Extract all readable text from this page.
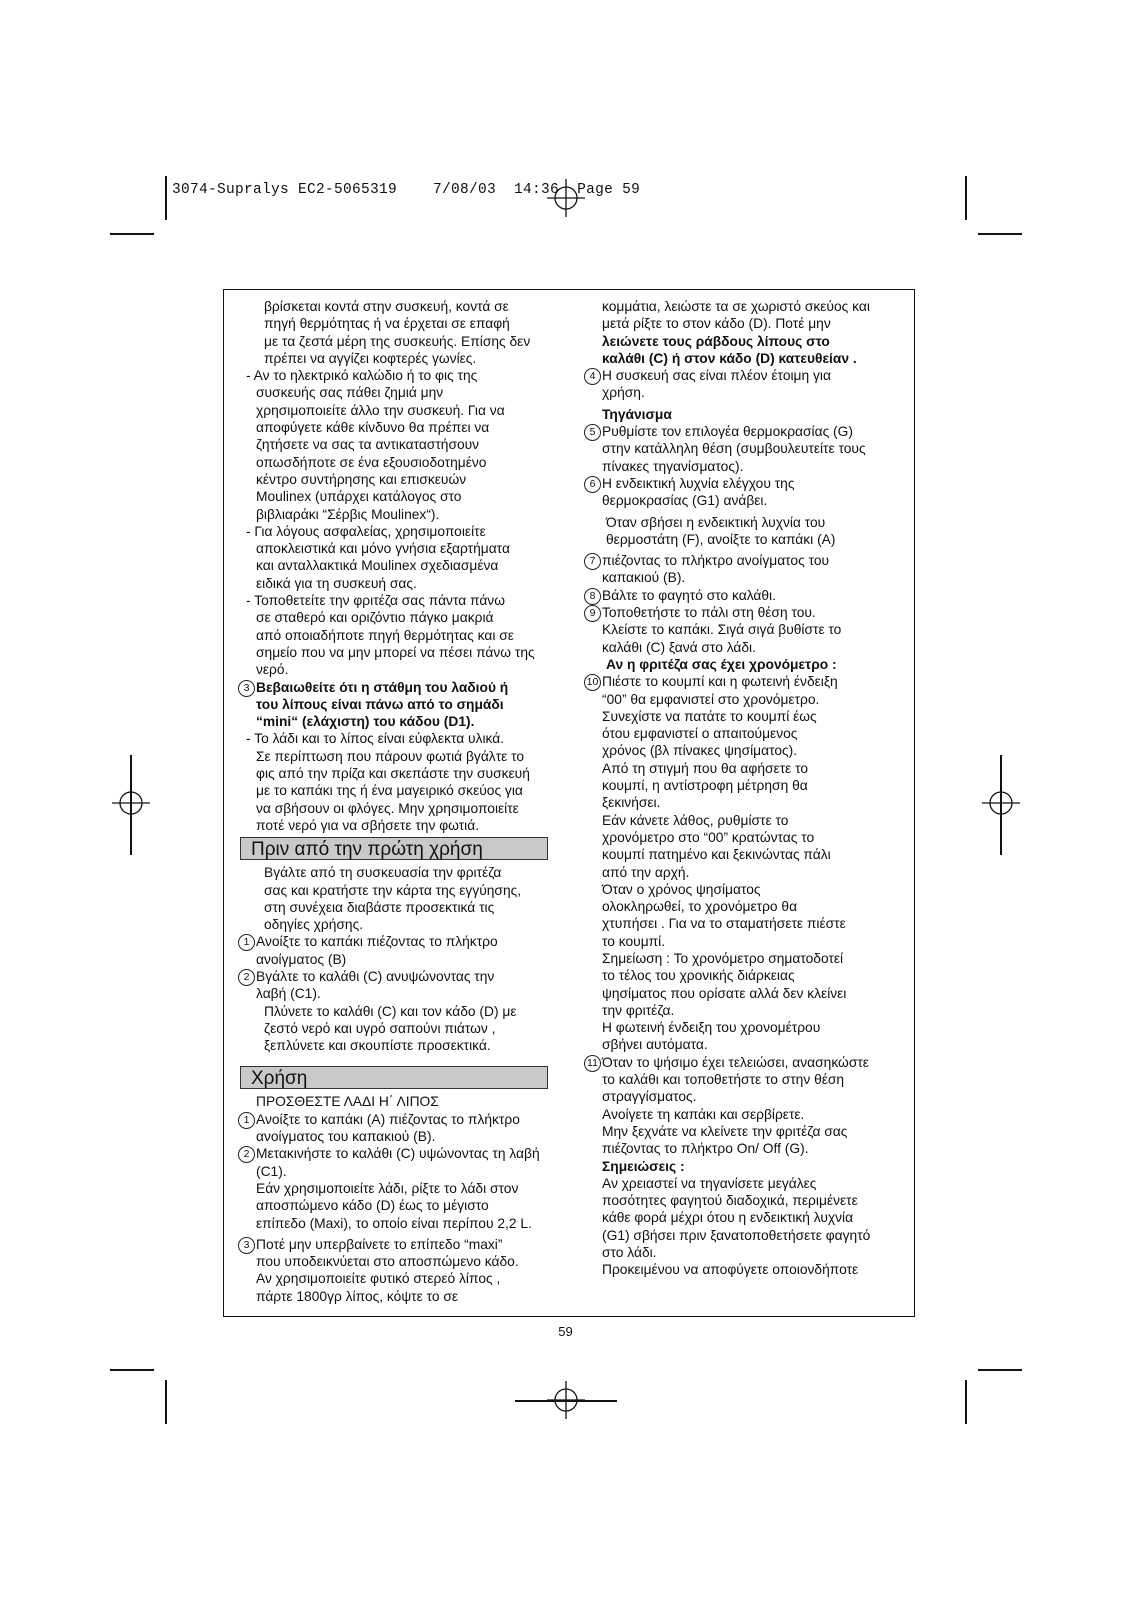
3074-Supralys EC2-5065319    7/08/03  14:36  Page 59
βρίσκεται κοντά στην συσκευή, κοντά σε
πηγή θερμότητας ή να έρχεται σε επαφή
με τα ζεστά μέρη της συσκευής. Επίσης δεν
πρέπει να αγγίζει κοφτερές γωνίες.
- Αν το ηλεκτρικό καλώδιο ή το φις της
συσκευής σας πάθει ζημιά μην
χρησιμοποιείτε άλλο την συσκευή. Για να
αποφύγετε κάθε κίνδυνο θα πρέπει να
ζητήσετε να σας τα αντικαταστήσουν
οπωσδήποτε σε ένα εξουσιοδοτημένο
κέντρο συντήρησης και επισκευών
Moulinex (υπάρχει κατάλογος στο
βιβλιαράκι “Σέρβις Moulinex“).
- Για λόγους ασφαλείας, χρησιμοποιείτε
αποκλειστικά και μόνο γνήσια εξαρτήματα
και ανταλλακτικά Moulinex σχεδιασμένα
ειδικά για τη συσκευή σας.
- Τοποθετείτε την φριτέζα σας πάντα πάνω
σε σταθερό και οριζόντιο πάγκο μακριά
από οποιαδήποτε πηγή θερμότητας και σε
σημείο που να μην μπορεί να πέσει πάνω της
νερό.
3 Βεβαιωθείτε ότι η στάθμη του λαδιού ή
του λίπους είναι πάνω από το σημάδι
“mini“ (ελάχιστη) του κάδου (D1).
- Το λάδι και το λίπος είναι εύφλεκτα υλικά.
Σε περίπτωση που πάρουν φωτιά βγάλτε το
φις από την πρίζα και σκεπάστε την συσκευή
με το καπάκι της ή ένα μαγειρικό σκεύος για
να σβήσουν οι φλόγες. Μην χρησιμοποιείτε
ποτέ νερό για να σβήσετε την φωτιά.
Πριν από την πρώτη χρήση
Βγάλτε από τη συσκευασία την φριτέζα
σας και κρατήστε την κάρτα της εγγύησης,
στη συνέχεια διαβάστε προσεκτικά τις
οδηγίες χρήσης.
1 Ανοίξτε το καπάκι πιέζοντας το πλήκτρο
ανοίγματος (B)
2 Βγάλτε το καλάθι (C) ανυψώνοντας την
λαβή (C1).
Πλύνετε το καλάθι (C) και τον κάδο (D) με
ζεστό νερό και υγρό σαπούνι πιάτων ,
ξεπλύνετε και σκουπίστε προσεκτικά.
Χρήση
ΠΡΟΣΘΕΣΤΕ ΛΑΔΙ Η΄ ΛΙΠΟΣ
1 Ανοίξτε το καπάκι (A) πιέζοντας το πλήκτρο
ανοίγματος του καπακιού (B).
2 Μετακινήστε το καλάθι (C) υψώνοντας τη λαβή
(C1).
Εάν χρησιμοποιείτε λάδι, ρίξτε το λάδι στον
αποσπώμενο κάδο (D) έως το μέγιστο
επίπεδο (Maxi), το οποίο είναι περίπου 2,2 L.
3 Ποτέ μην υπερβαίνετε το επίπεδο “maxi”
που υποδεικνύεται στο αποσπώμενο κάδο.
Αν χρησιμοποιείτε φυτικό στερεό λίπος ,
πάρτε 1800γρ λίπος, κόψτε το σε
κομμάτια, λειώστε τα σε χωριστό σκεύος και
μετά ρίξτε το στον κάδο (D). Ποτέ μην
λειώνετε τους ράβδους λίπους στο
καλάθι (C) ή στον κάδο (D) κατευθείαν .
4 Η συσκευή σας είναι πλέον έτοιμη για
χρήση.
Τηγάνισμα
5 Ρυθμίστε τον επιλογέα θερμοκρασίας (G)
στην κατάλληλη θέση (συμβουλευτείτε τους
πίνακες τηγανίσματος).
6 Η ενδεικτική λυχνία ελέγχου της
θερμοκρασίας (G1) ανάβει.
Όταν σβήσει η ενδεικτική λυχνία του
θερμοστάτη (F), ανοίξτε το καπάκι (A)
7 πιέζοντας το πλήκτρο ανοίγματος του
καπακιού (B).
8 Βάλτε το φαγητό στο καλάθι.
9 Τοποθετήστε το πάλι στη θέση του.
Κλείστε το καπάκι. Σιγά σιγά βυθίστε το
καλάθι (C) ξανά στο λάδι.
Αν η φριτέζα σας έχει χρονόμετρο :
10 Πιέστε το κουμπί και η φωτεινή ένδειξη
“00” θα εμφανιστεί στο χρονόμετρο.
Συνεχίστε να πατάτε το κουμπί έως
ότου εμφανιστεί ο απαιτούμενος
χρόνος (βλ πίνακες ψησίματος).
Από τη στιγμή που θα αφήσετε το
κουμπί, η αντίστροφη μέτρηση θα
ξεκινήσει.
Εάν κάνετε λάθος, ρυθμίστε το
χρονόμετρο στο “00” κρατώντας το
κουμπί πατημένο και ξεκινώντας πάλι
από την αρχή.
Όταν ο χρόνος ψησίματος
ολοκληρωθεί, το χρονόμετρο θα
χτυπήσει . Για να το σταματήσετε πιέστε
το κουμπί.
Σημείωση : Το χρονόμετρο σηματοδοτεί
το τέλος του χρονικής διάρκειας
ψησίματος που ορίσατε αλλά δεν κλείνει
την φριτέζα.
Η φωτεινή ένδειξη του χρονομέτρου
σβήνει αυτόματα.
11 Όταν το ψήσιμο έχει τελειώσει, ανασηκώστε
το καλάθι και τοποθετήστε το στην θέση
στραγγίσματος.
Ανοίγετε τη καπάκι και σερβίρετε.
Μην ξεχνάτε να κλείνετε την φριτέζα σας
πιέζοντας το πλήκτρο On/ Off (G).
Σημειώσεις :
Αν χρειαστεί να τηγανίσετε μεγάλες
ποσότητες φαγητού διαδοχικά, περιμένετε
κάθε φορά μέχρι ότου η ενδεικτική λυχνία
(G1) σβήσει πριν ξανατοποθετήσετε φαγητό
στο λάδι.
Προκειμένου να αποφύγετε οποιονδήποτε
59
